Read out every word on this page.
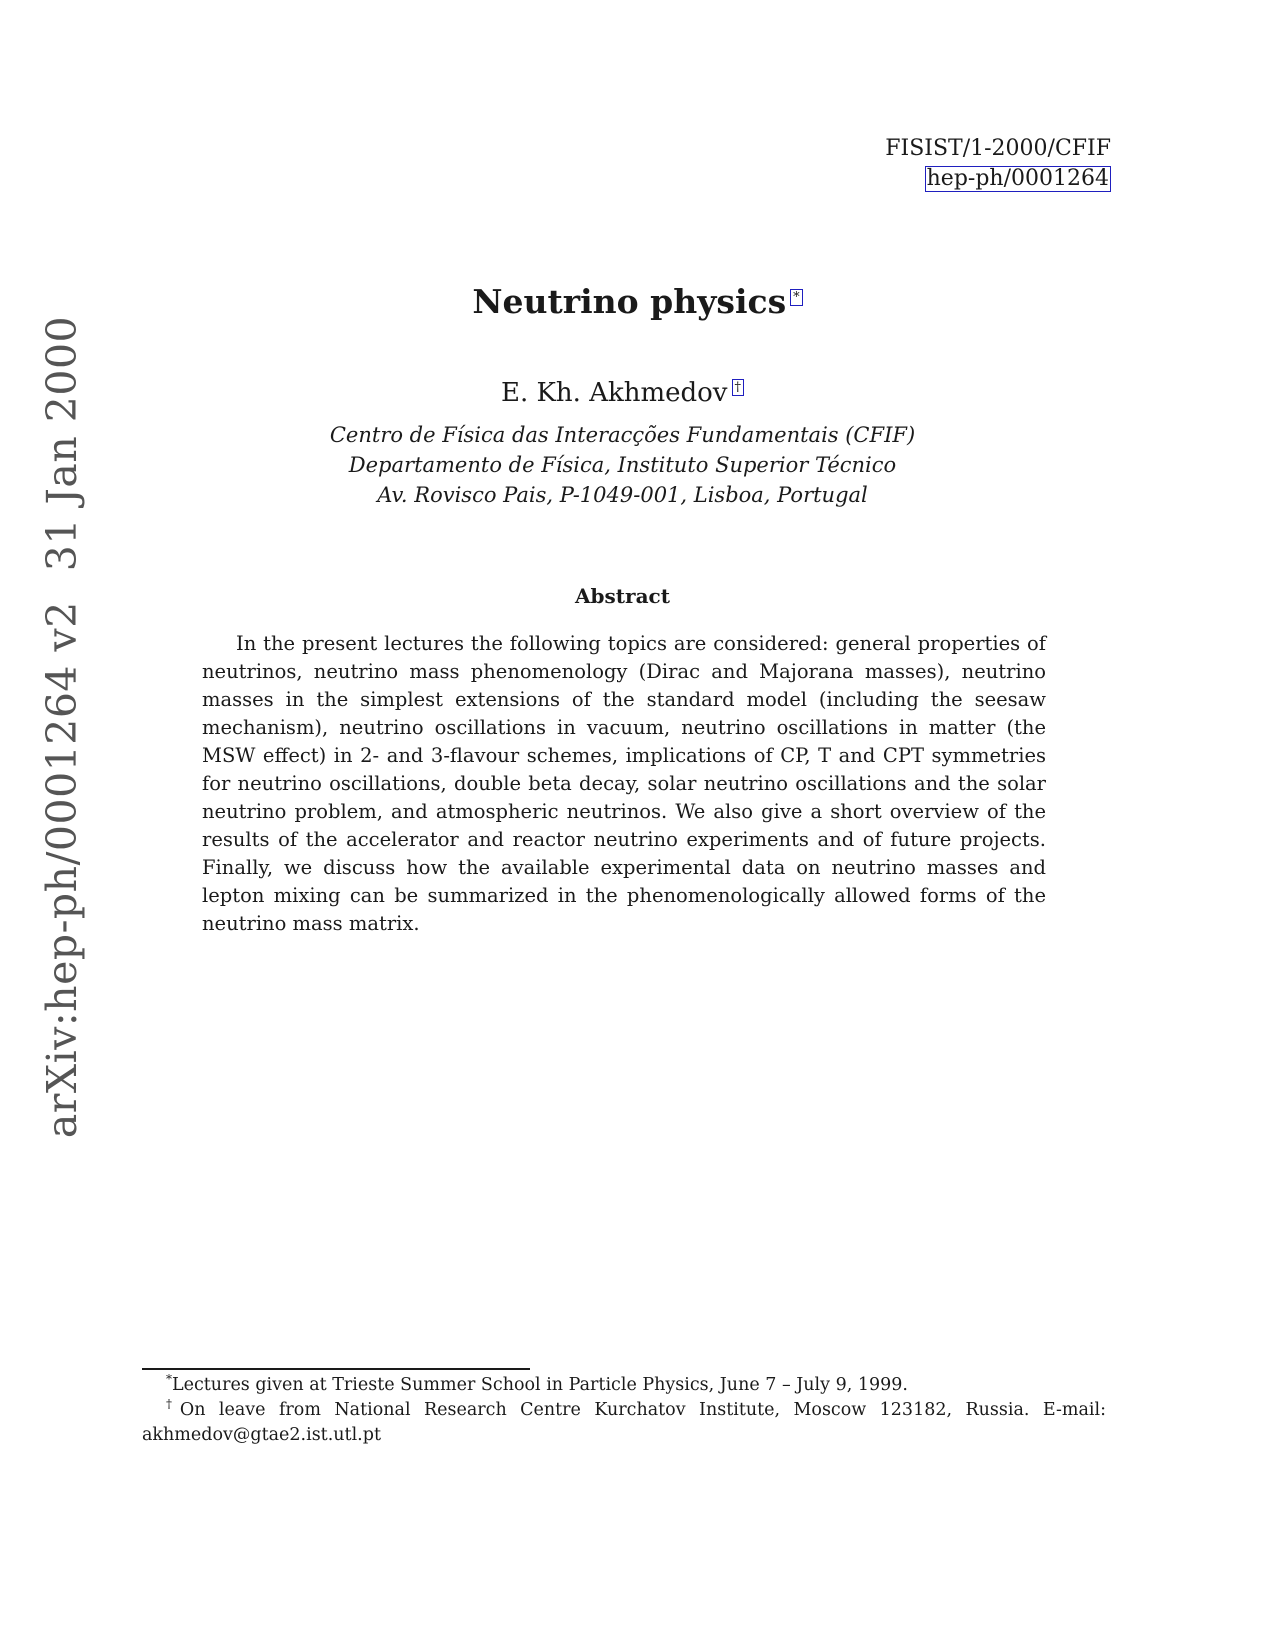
arXiv:hep-ph/0001264 v231 Jan 2000
FISIST/1-2000/CFIF
hep-ph/0001264
Neutrino physics *
E. Kh. Akhmedov †
Centro de Física das Interacções Fundamentais (CFIF)
Departamento de Física, Instituto Superior Técnico
Av. Rovisco Pais, P-1049-001, Lisboa, Portugal
Abstract
In the present lectures the following topics are considered: general properties of neutrinos, neutrino mass phenomenology (Dirac and Majorana masses), neutrino masses in the simplest extensions of the standard model (including the seesaw mechanism), neutrino oscillations in vacuum, neutrino oscillations in matter (the MSW effect) in 2- and 3-flavour schemes, implications of CP, T and CPT symmetries for neutrino oscillations, double beta decay, solar neutrino oscillations and the solar neutrino problem, and atmospheric neutrinos. We also give a short overview of the results of the accelerator and reactor neutrino experiments and of future projects. Finally, we discuss how the available experimental data on neutrino masses and lepton mixing can be summarized in the phenomenologically allowed forms of the neutrino mass matrix.

*Lectures given at Trieste Summer School in Particle Physics, June 7 – July 9, 1999.

†On leave from National Research Centre Kurchatov Institute, Moscow 123182, Russia. E-mail: akhmedov@gtae2.ist.utl.pt
